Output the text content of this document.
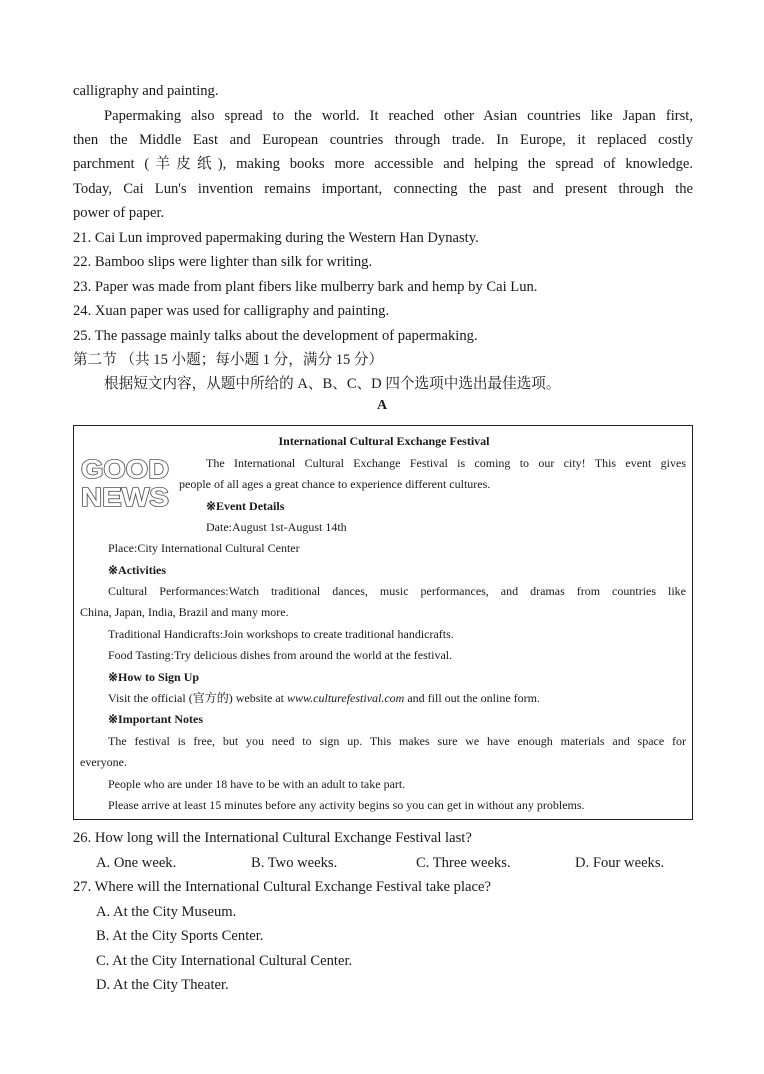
calligraphy and painting.
Papermaking also spread to the world. It reached other Asian countries like Japan first,
then the Middle East and European countries through trade. In Europe, it replaced costly
parchment (羊皮纸), making books more accessible and helping the spread of knowledge.
Today, Cai Lun's invention remains important, connecting the past and present through the
power of paper.
21. Cai Lun improved papermaking during the Western Han Dynasty.
22. Bamboo slips were lighter than silk for writing.
23. Paper was made from plant fibers like mulberry bark and hemp by Cai Lun.
24. Xuan paper was used for calligraphy and painting.
25. The passage mainly talks about the development of papermaking.
第二节 （共 15 小题；每小题 1 分，满分 15 分）
根据短文内容，从题中所给的 A、B、C、D 四个选项中选出最佳选项。
A
International Cultural Exchange Festival
GOOD
NEWS
The International Cultural Exchange Festival is coming to our city! This event gives
people of all ages a great chance to experience different cultures.
※Event Details
Date:August 1st-August 14th
Place:City International Cultural Center
※Activities
Cultural Performances:Watch traditional dances, music performances, and dramas from countries like
China, Japan, India, Brazil and many more.
Traditional Handicrafts:Join workshops to create traditional handicrafts.
Food Tasting:Try delicious dishes from around the world at the festival.
※How to Sign Up
Visit the official (官方的) website at www.culturefestival.com and fill out the online form.
※Important Notes
The festival is free, but you need to sign up. This makes sure we have enough materials and space for
everyone.
People who are under 18 have to be with an adult to take part.
Please arrive at least 15 minutes before any activity begins so you can get in without any problems.
26. How long will the International Cultural Exchange Festival last?
A. One week.	B. Two weeks.	C. Three weeks.	D. Four weeks.
27. Where will the International Cultural Exchange Festival take place?
A. At the City Museum.
B. At the City Sports Center.
C. At the City International Cultural Center.
D. At the City Theater.
